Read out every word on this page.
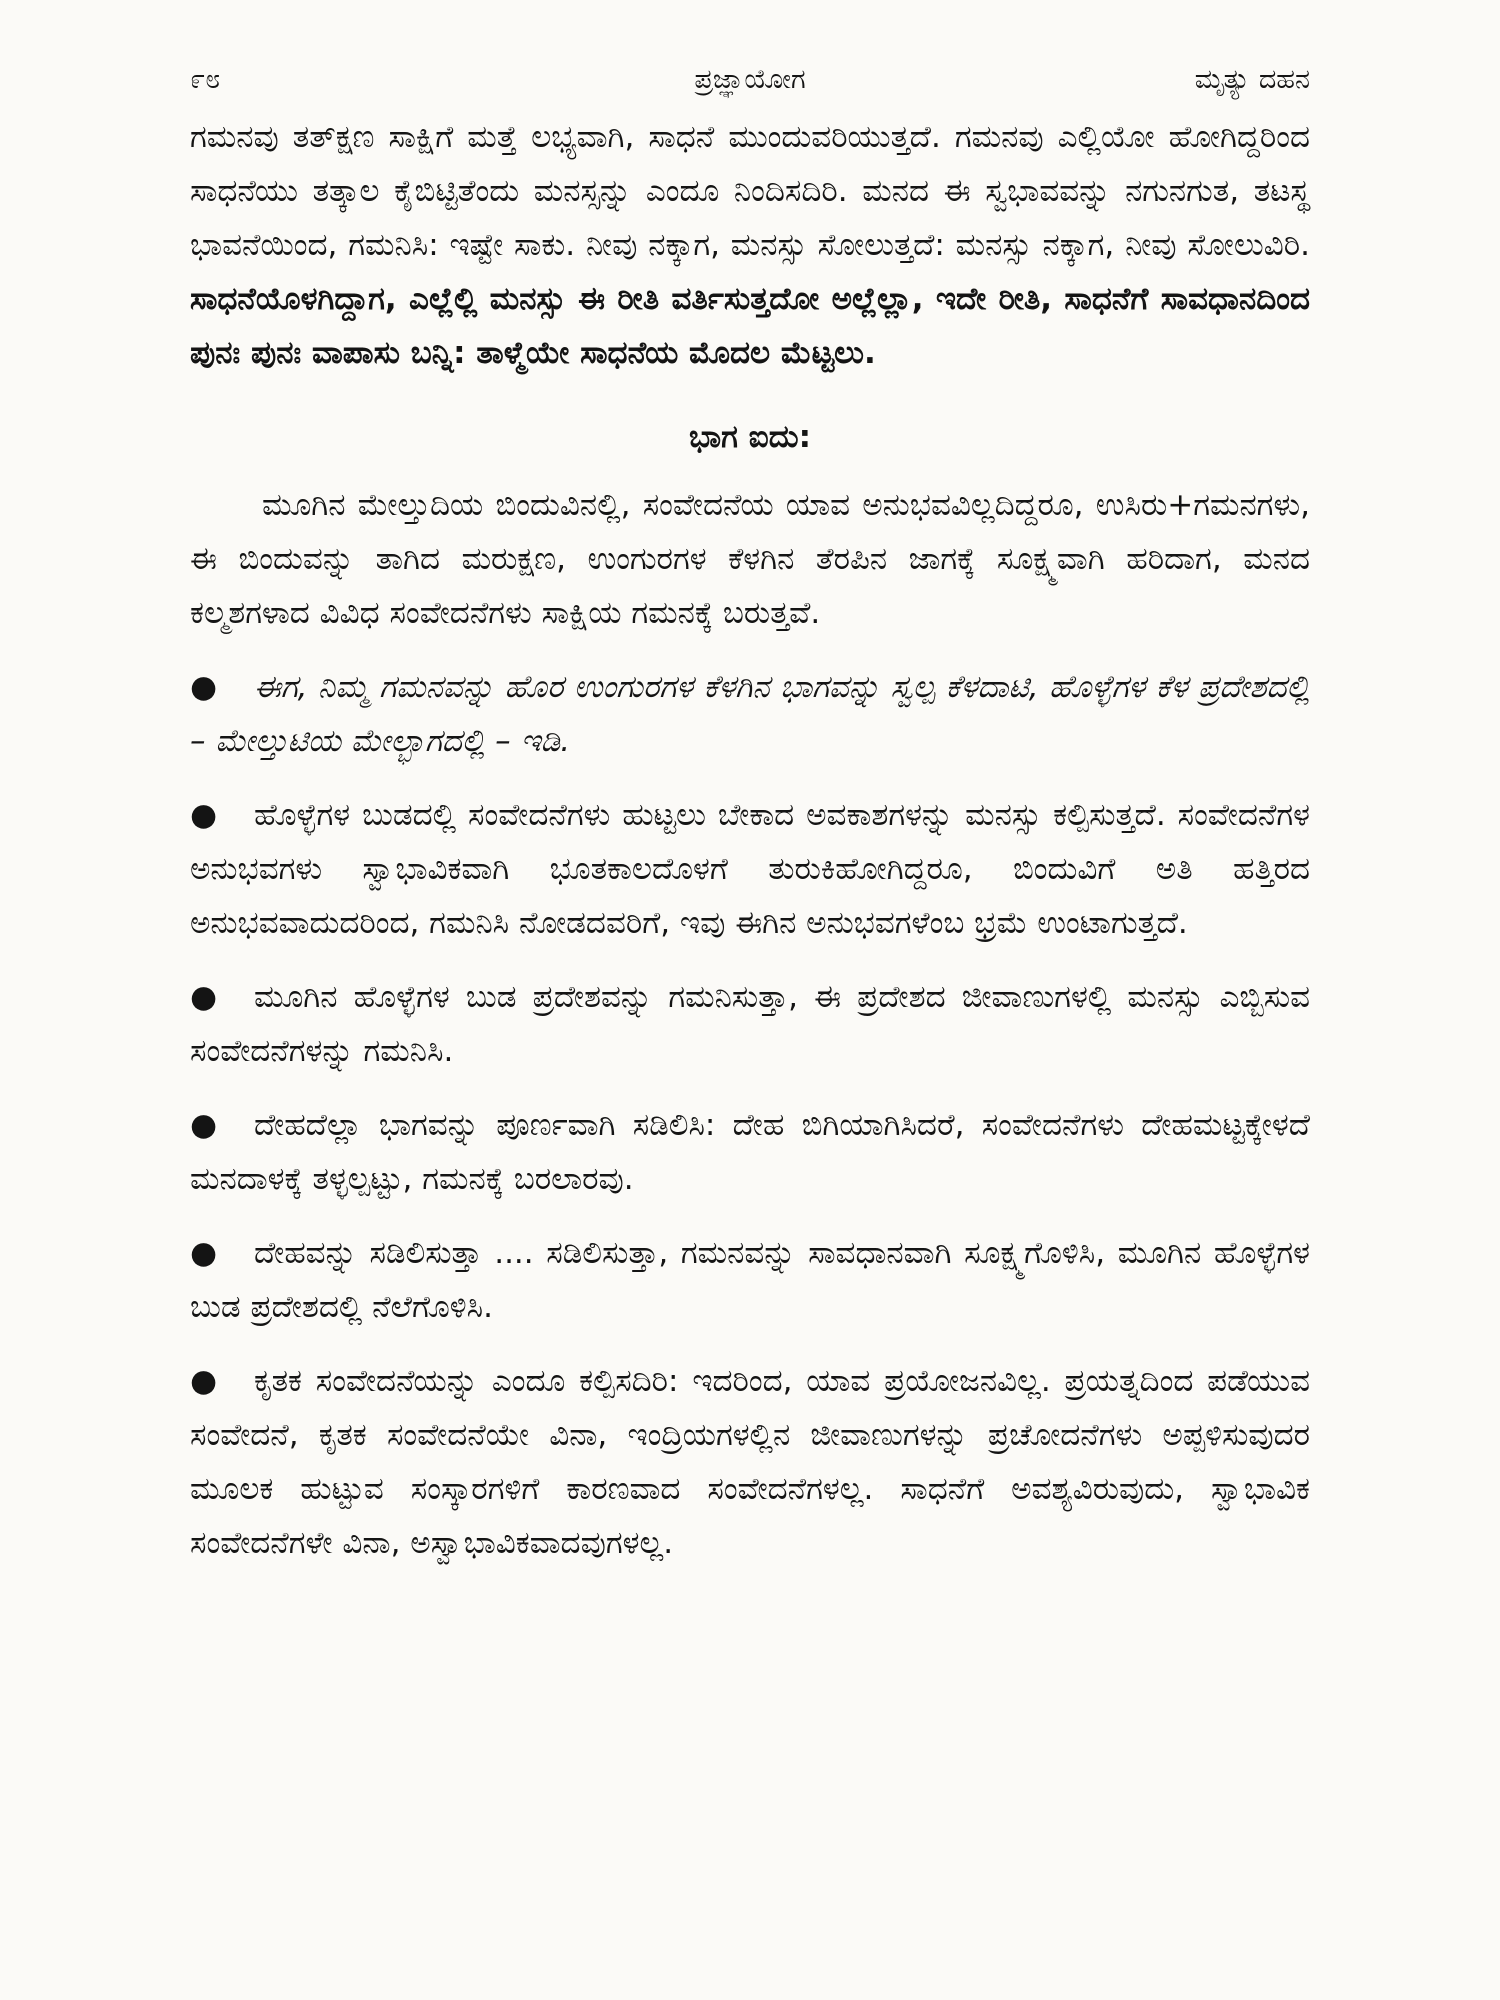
೯೮	ಪ್ರಜ್ಞಾಯೋಗ	ಮೃತ್ಯು ದಹನ

ಗಮನವು ತತ್‌ಕ್ಷಣ ಸಾಕ್ಷಿಗೆ ಮತ್ತೆ ಲಭ್ಯವಾಗಿ, ಸಾಧನೆ ಮುಂದುವರಿಯುತ್ತದೆ. ಗಮನವು ಎಲ್ಲಿಯೋ ಹೋಗಿದ್ದರಿಂದ ಸಾಧನೆಯು ತತ್ಕಾಲ ಕೈಬಿಟ್ಟಿತೆಂದು ಮನಸ್ಸನ್ನು ಎಂದೂ ನಿಂದಿಸದಿರಿ. ಮನದ ಈ ಸ್ವಭಾವವನ್ನು ನಗುನಗುತ, ತಟಸ್ಥ ಭಾವನೆಯಿಂದ, ಗಮನಿಸಿ: ಇಷ್ಟೇ ಸಾಕು. ನೀವು ನಕ್ಕಾಗ, ಮನಸ್ಸು ಸೋಲುತ್ತದೆ: ಮನಸ್ಸು ನಕ್ಕಾಗ, ನೀವು ಸೋಲುವಿರಿ. ಸಾಧನೆಯೊಳಗಿದ್ದಾಗ, ಎಲ್ಲೆಲ್ಲಿ ಮನಸ್ಸು ಈ ರೀತಿ ವರ್ತಿಸುತ್ತದೋ ಅಲ್ಲೆಲ್ಲಾ, ಇದೇ ರೀತಿ, ಸಾಧನೆಗೆ ಸಾವಧಾನದಿಂದ ಪುನಃ ಪುನಃ ವಾಪಾಸು ಬನ್ನಿ: ತಾಳ್ಮೆಯೇ ಸಾಧನೆಯ ಮೊದಲ ಮೆಟ್ಟಲು.

ಭಾಗ ಐದು:

ಮೂಗಿನ ಮೇಲ್ತುದಿಯ ಬಿಂದುವಿನಲ್ಲಿ, ಸಂವೇದನೆಯ ಯಾವ ಅನುಭವವಿಲ್ಲದಿದ್ದರೂ, ಉಸಿರು+ಗಮನಗಳು, ಈ ಬಿಂದುವನ್ನು ತಾಗಿದ ಮರುಕ್ಷಣ, ಉಂಗುರಗಳ ಕೆಳಗಿನ ತೆರಪಿನ ಜಾಗಕ್ಕೆ ಸೂಕ್ಷ್ಮವಾಗಿ ಹರಿದಾಗ, ಮನದ ಕಲ್ಮಶಗಳಾದ ವಿವಿಧ ಸಂವೇದನೆಗಳು ಸಾಕ್ಷಿಯ ಗಮನಕ್ಕೆ ಬರುತ್ತವೆ.

● ಈಗ, ನಿಮ್ಮ ಗಮನವನ್ನು ಹೊರ ಉಂಗುರಗಳ ಕೆಳಗಿನ ಭಾಗವನ್ನು ಸ್ವಲ್ಪ ಕೆಳದಾಟಿ, ಹೊಳ್ಳೆಗಳ ಕೆಳ ಪ್ರದೇಶದಲ್ಲಿ – ಮೇಲ್ತುಟಿಯ ಮೇಲ್ಭಾಗದಲ್ಲಿ – ಇಡಿ.

● ಹೊಳ್ಳೆಗಳ ಬುಡದಲ್ಲಿ ಸಂವೇದನೆಗಳು ಹುಟ್ಟಲು ಬೇಕಾದ ಅವಕಾಶಗಳನ್ನು ಮನಸ್ಸು ಕಲ್ಪಿಸುತ್ತದೆ. ಸಂವೇದನೆಗಳ ಅನುಭವಗಳು ಸ್ವಾಭಾವಿಕವಾಗಿ ಭೂತಕಾಲದೊಳಗೆ ತುರುಕಿಹೋಗಿದ್ದರೂ, ಬಿಂದುವಿಗೆ ಅತಿ ಹತ್ತಿರದ ಅನುಭವವಾದುದರಿಂದ, ಗಮನಿಸಿ ನೋಡದವರಿಗೆ, ಇವು ಈಗಿನ ಅನುಭವಗಳೆಂಬ ಭ್ರಮೆ ಉಂಟಾಗುತ್ತದೆ.

● ಮೂಗಿನ ಹೊಳ್ಳೆಗಳ ಬುಡ ಪ್ರದೇಶವನ್ನು ಗಮನಿಸುತ್ತಾ, ಈ ಪ್ರದೇಶದ ಜೀವಾಣುಗಳಲ್ಲಿ ಮನಸ್ಸು ಎಬ್ಬಿಸುವ ಸಂವೇದನೆಗಳನ್ನು ಗಮನಿಸಿ.

● ದೇಹದೆಲ್ಲಾ ಭಾಗವನ್ನು ಪೂರ್ಣವಾಗಿ ಸಡಿಲಿಸಿ: ದೇಹ ಬಿಗಿಯಾಗಿಸಿದರೆ, ಸಂವೇದನೆಗಳು ದೇಹಮಟ್ಟಕ್ಕೇಳದೆ ಮನದಾಳಕ್ಕೆ ತಳ್ಳಲ್ಪಟ್ಟು, ಗಮನಕ್ಕೆ ಬರಲಾರವು.

● ದೇಹವನ್ನು ಸಡಿಲಿಸುತ್ತಾ .... ಸಡಿಲಿಸುತ್ತಾ, ಗಮನವನ್ನು ಸಾವಧಾನವಾಗಿ ಸೂಕ್ಷ್ಮಗೊಳಿಸಿ, ಮೂಗಿನ ಹೊಳ್ಳೆಗಳ ಬುಡ ಪ್ರದೇಶದಲ್ಲಿ ನೆಲೆಗೊಳಿಸಿ.

● ಕೃತಕ ಸಂವೇದನೆಯನ್ನು ಎಂದೂ ಕಲ್ಪಿಸದಿರಿ: ಇದರಿಂದ, ಯಾವ ಪ್ರಯೋಜನವಿಲ್ಲ. ಪ್ರಯತ್ನದಿಂದ ಪಡೆಯುವ ಸಂವೇದನೆ, ಕೃತಕ ಸಂವೇದನೆಯೇ ವಿನಾ, ಇಂದ್ರಿಯಗಳಲ್ಲಿನ ಜೀವಾಣುಗಳನ್ನು ಪ್ರಚೋದನೆಗಳು ಅಪ್ಪಳಿಸುವುದರ ಮೂಲಕ ಹುಟ್ಟುವ ಸಂಸ್ಕಾರಗಳಿಗೆ ಕಾರಣವಾದ ಸಂವೇದನೆಗಳಲ್ಲ. ಸಾಧನೆಗೆ ಅವಶ್ಯವಿರುವುದು, ಸ್ವಾಭಾವಿಕ ಸಂವೇದನೆಗಳೇ ವಿನಾ, ಅಸ್ವಾಭಾವಿಕವಾದವುಗಳಲ್ಲ.
